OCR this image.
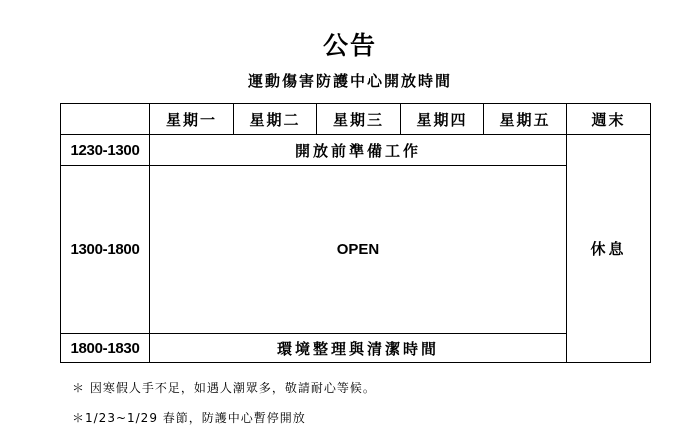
公告
運動傷害防護中心開放時間
	星期一	星期二	星期三	星期四	星期五	週末
1230-1300	開放前準備工作					休息
1300-1800	OPEN					
1800-1830	環境整理與清潔時間					
＊ 因寒假人手不足，如遇人潮眾多，敬請耐心等候。
＊1/23~1/29 春節，防護中心暫停開放
